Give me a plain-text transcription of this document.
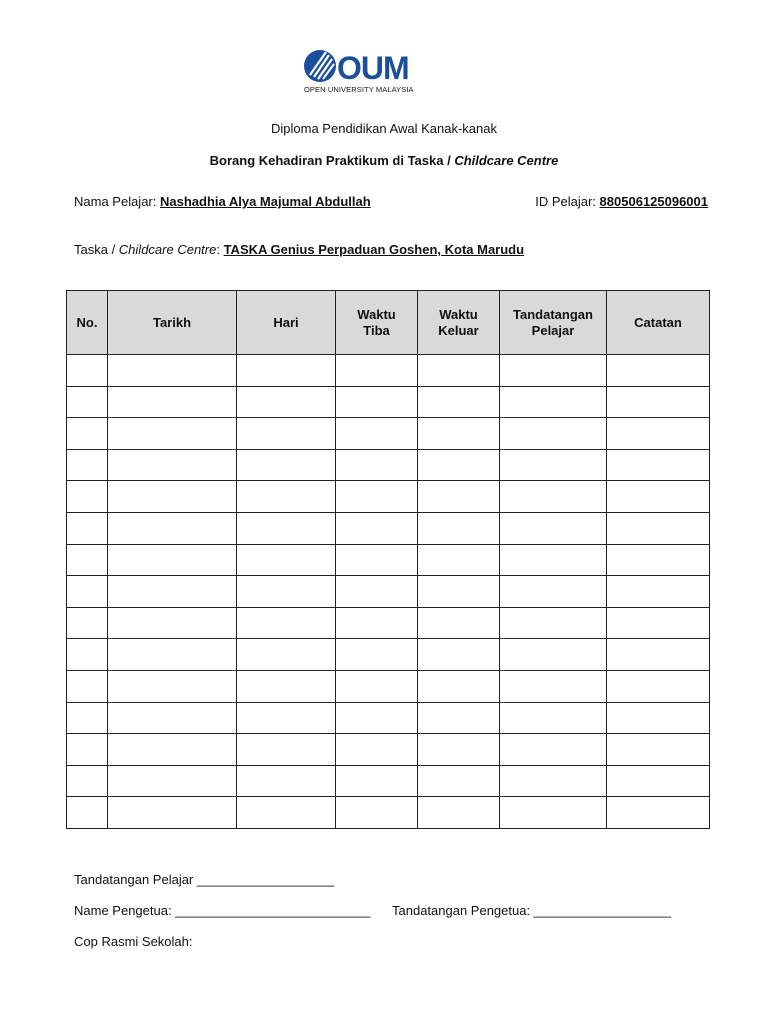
OUM
OPEN UNIVERSITY MALAYSIA
Diploma Pendidikan Awal Kanak-kanak
Borang Kehadiran Praktikum di Taska / Childcare Centre
Nama Pelajar: Nashadhia Alya Majumal Abdullah	ID Pelajar: 880506125096001
Taska / Childcare Centre: TASKA Genius Perpaduan Goshen, Kota Marudu
No.	Tarikh	Hari	Waktu Tiba	Waktu Keluar	Tandatangan Pelajar	Catatan

Tandatangan Pelajar ___________________
Name Pengetua: ___________________________ Tandatangan Pengetua: ___________________
Cop Rasmi Sekolah:
